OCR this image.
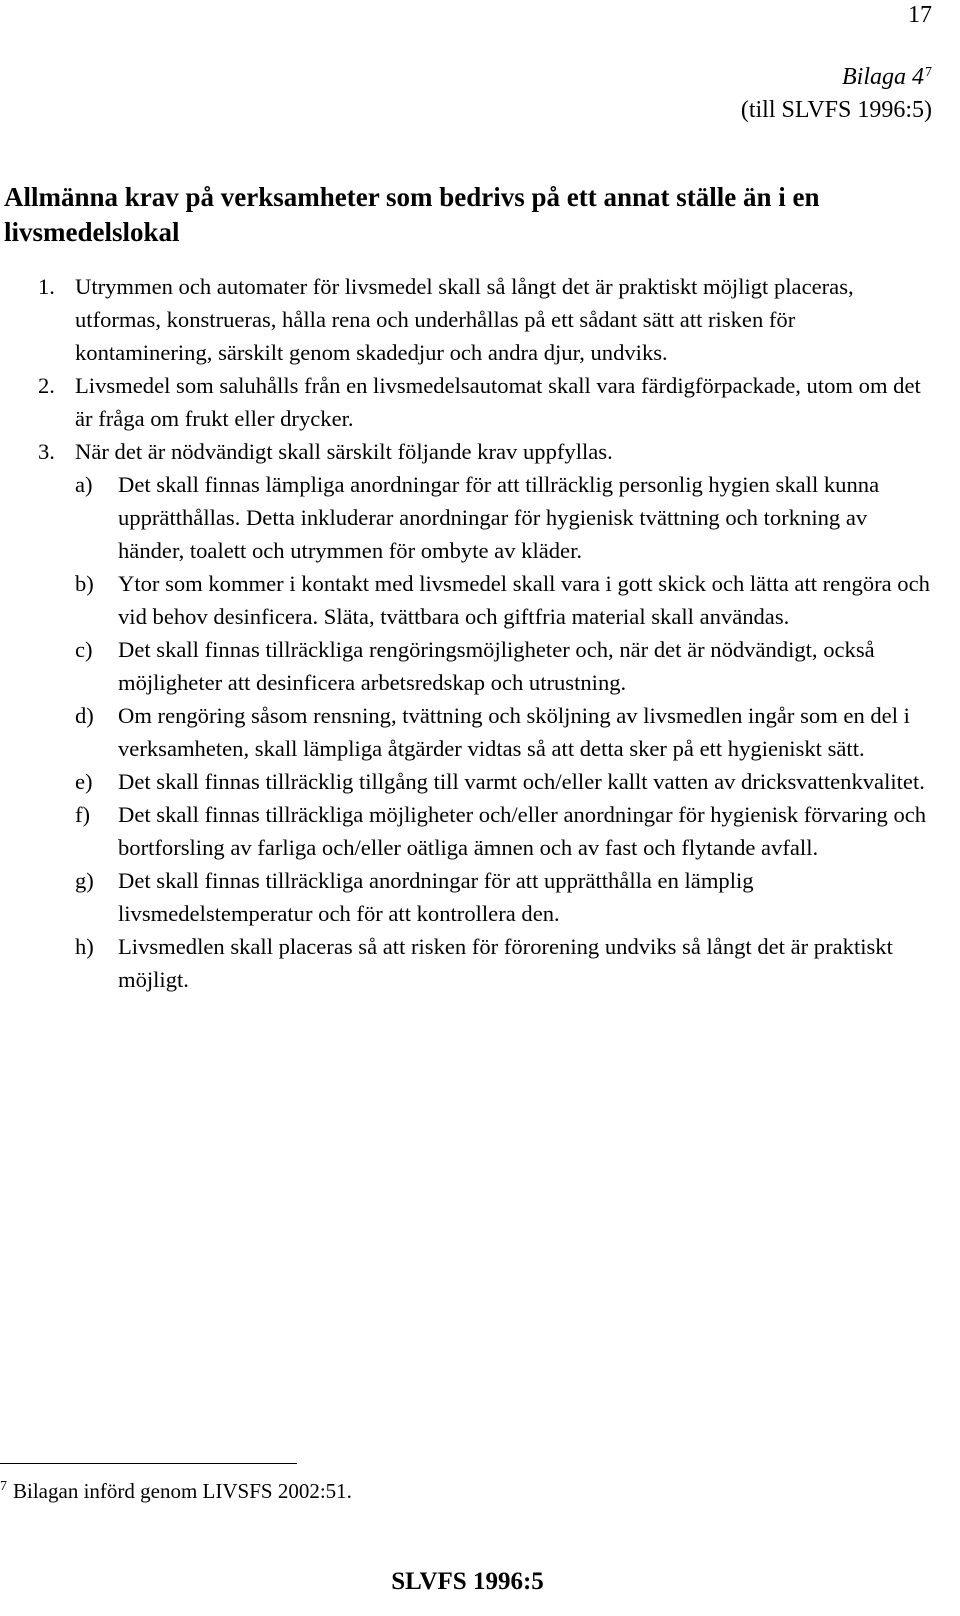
17
Bilaga $4^7$
(till SLVFS 1996:5)
Allmänna krav på verksamheter som bedrivs på ett annat ställe än i en livsmedelslokal
1. Utrymmen och automater för livsmedel skall så långt det är praktiskt möjligt placeras, utformas, konstrueras, hålla rena och underhållas på ett sådant sätt att risken för kontaminering, särskilt genom skadedjur och andra djur, undviks.
2. Livsmedel som saluhålls från en livsmedelsautomat skall vara färdigförpackade, utom om det är fråga om frukt eller drycker.
3. När det är nödvändigt skall särskilt följande krav uppfyllas.
a) Det skall finnas lämpliga anordningar för att tillräcklig personlig hygien skall kunna upprätthållas. Detta inkluderar anordningar för hygienisk tvättning och torkning av händer, toalett och utrymmen för ombyte av kläder.
b) Ytor som kommer i kontakt med livsmedel skall vara i gott skick och lätta att rengöra och vid behov desinficera. Släta, tvättbara och giftfria material skall användas.
c) Det skall finnas tillräckliga rengöringsmöjligheter och, när det är nödvändigt, också möjligheter att desinficera arbetsredskap och utrustning.
d) Om rengöring såsom rensning, tvättning och sköljning av livsmedlen ingår som en del i verksamheten, skall lämpliga åtgärder vidtas så att detta sker på ett hygieniskt sätt.
e) Det skall finnas tillräcklig tillgång till varmt och/eller kallt vatten av dricksvattenkvalitet.
f) Det skall finnas tillräckliga möjligheter och/eller anordningar för hygienisk förvaring och bortforsling av farliga och/eller oätliga ämnen och av fast och flytande avfall.
g) Det skall finnas tillräckliga anordningar för att upprätthålla en lämplig livsmedelstemperatur och för att kontrollera den.
h) Livsmedlen skall placeras så att risken för förorening undviks så långt det är praktiskt möjligt.
$^7$ Bilagan införd genom LIVSFS 2002:51.
SLVFS 1996:5
